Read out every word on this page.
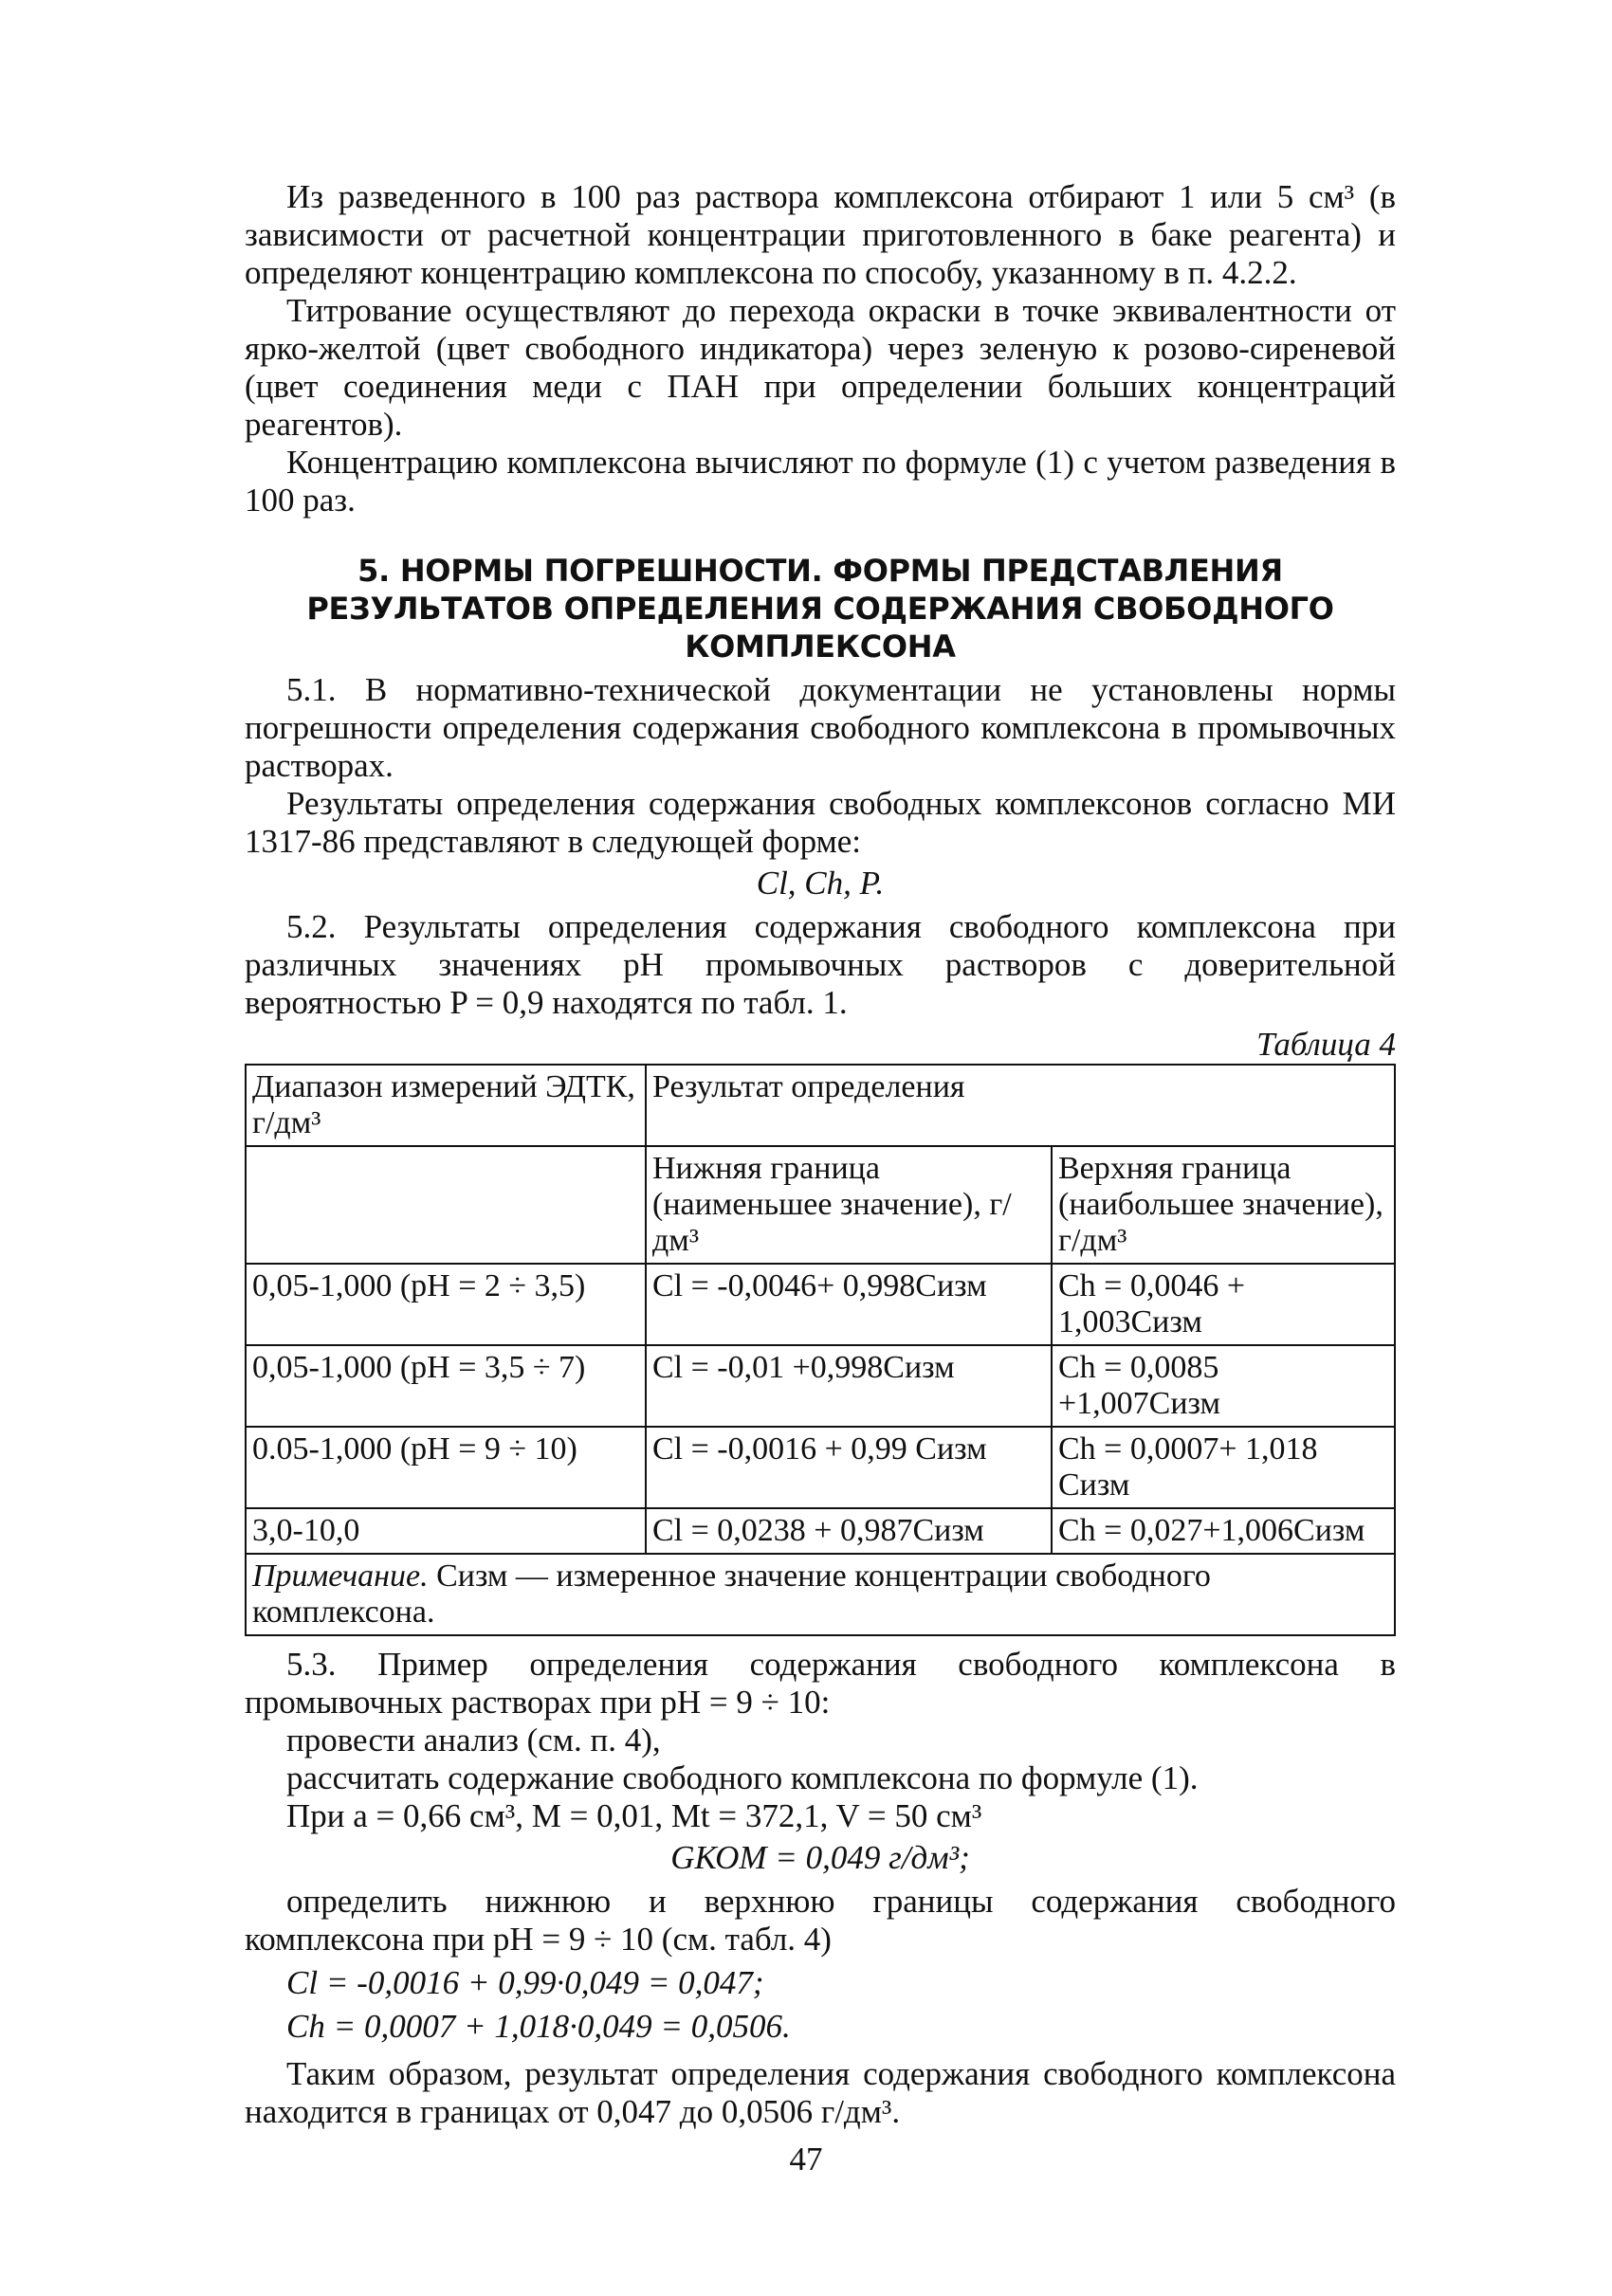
Из разведенного в 100 раз раствора комплексона отбирают 1 или 5 см³ (в зависимости от расчетной концентрации приготовленного в баке реагента) и определяют концентрацию комплексона по способу, указанному в п. 4.2.2.

Титрование осуществляют до перехода окраски в точке эквивалентности от ярко-желтой (цвет свободного индикатора) через зеленую к розово-сиреневой (цвет соединения меди с ПАН при определении больших концентраций реагентов).

Концентрацию комплексона вычисляют по формуле (1) с учетом разведения в 100 раз.

5. НОРМЫ ПОГРЕШНОСТИ. ФОРМЫ ПРЕДСТАВЛЕНИЯ РЕЗУЛЬТАТОВ ОПРЕДЕЛЕНИЯ СОДЕРЖАНИЯ СВОБОДНОГО КОМПЛЕКСОНА

5.1. В нормативно-технической документации не установлены нормы погрешности определения содержания свободного комплексона в промывочных растворах.

Результаты определения содержания свободных комплексонов согласно МИ 1317-86 представляют в следующей форме:

Cl, Ch, P.

5.2. Результаты определения содержания свободного комплексона при различных значениях pH промывочных растворов с доверительной вероятностью P = 0,9 находятся по табл. 1.

Таблица 4
Диапазон измерений ЭДТК, г/дм³	Результат определения	
	Нижняя граница (наименьшее значение), г/дм³	Верхняя граница (наибольшее значение), г/дм³
0,05-1,000 (pH = 2 ÷ 3,5)	Cl = -0,0046+ 0,998Cизм	Ch = 0,0046 + 1,003Cизм
0,05-1,000 (pH = 3,5 ÷ 7)	Cl = -0,01 +0,998Cизм	Ch = 0,0085 +1,007Cизм
0.05-1,000 (pH = 9 ÷ 10)	Cl = -0,0016 + 0,99 Cизм	Ch = 0,0007+ 1,018 Cизм
3,0-10,0	Cl = 0,0238 + 0,987Cизм	Ch = 0,027+1,006Cизм
Примечание. Cизм — измеренное значение концентрации свободного комплексона.		

5.3. Пример определения содержания свободного комплексона в промывочных растворах при pH = 9 ÷ 10:

провести анализ (см. п. 4),

рассчитать содержание свободного комплексона по формуле (1).

При a = 0,66 см³, M = 0,01, Mt = 372,1, V = 50 см³

GКОМ = 0,049 г/дм³;

определить нижнюю и верхнюю границы содержания свободного комплексона при pH = 9 ÷ 10 (см. табл. 4)

Cl = -0,0016 + 0,99·0,049 = 0,047;
Ch = 0,0007 + 1,018·0,049 = 0,0506.

Таким образом, результат определения содержания свободного комплексона находится в границах от 0,047 до 0,0506 г/дм³.

47
